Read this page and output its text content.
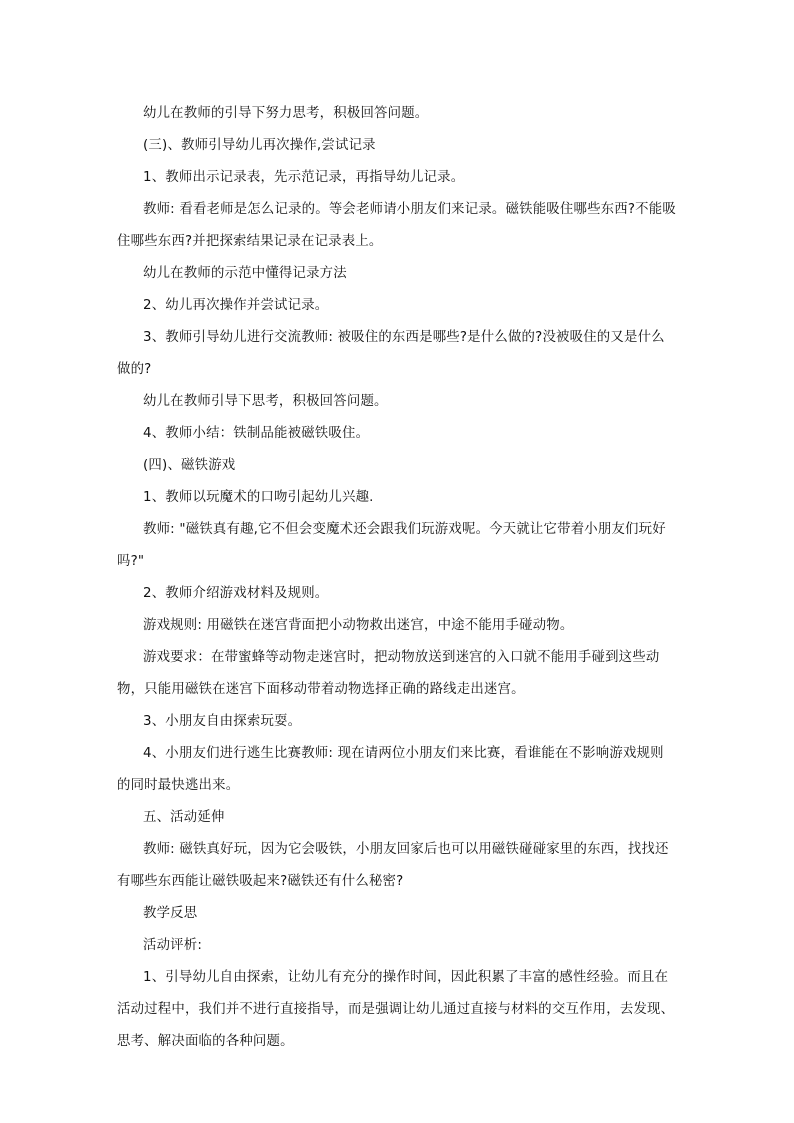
幼儿在教师的引导下努力思考，积极回答问题。

(三)、教师引导幼儿再次操作,尝试记录

1、教师出示记录表，先示范记录，再指导幼儿记录。

教师: 看看老师是怎么记录的。等会老师请小朋友们来记录。磁铁能吸住哪些东西?不能吸住哪些东西?并把探索结果记录在记录表上。

幼儿在教师的示范中懂得记录方法

2、幼儿再次操作并尝试记录。

3、教师引导幼儿进行交流教师: 被吸住的东西是哪些?是什么做的?没被吸住的又是什么做的?

幼儿在教师引导下思考，积极回答问题。

4、教师小结：铁制品能被磁铁吸住。

(四)、磁铁游戏

1、教师以玩魔术的口吻引起幼儿兴趣.

教师: "磁铁真有趣,它不但会变魔术还会跟我们玩游戏呢。今天就让它带着小朋友们玩好吗?"

2、教师介绍游戏材料及规则。

游戏规则: 用磁铁在迷宫背面把小动物救出迷宫，中途不能用手碰动物。

游戏要求：在带蜜蜂等动物走迷宫时，把动物放送到迷宫的入口就不能用手碰到这些动物，只能用磁铁在迷宫下面移动带着动物选择正确的路线走出迷宫。

3、小朋友自由探索玩耍。

4、小朋友们进行逃生比赛教师: 现在请两位小朋友们来比赛，看谁能在不影响游戏规则的同时最快逃出来。

五、活动延伸

教师: 磁铁真好玩，因为它会吸铁，小朋友回家后也可以用磁铁碰碰家里的东西，找找还有哪些东西能让磁铁吸起来?磁铁还有什么秘密?

教学反思

活动评析:

1、引导幼儿自由探索，让幼儿有充分的操作时间，因此积累了丰富的感性经验。而且在活动过程中，我们并不进行直接指导，而是强调让幼儿通过直接与材料的交互作用，去发现、思考、解决面临的各种问题。
